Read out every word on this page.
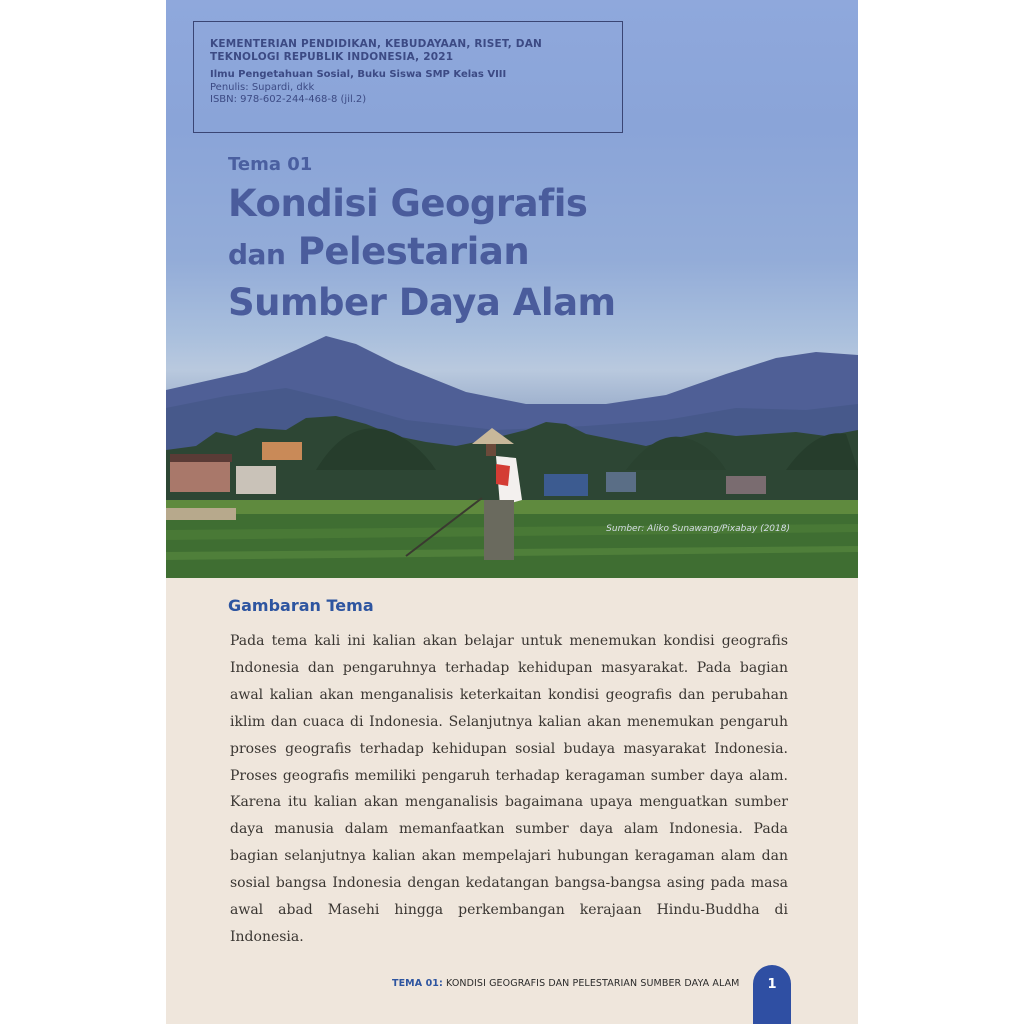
KEMENTERIAN PENDIDIKAN, KEBUDAYAAN, RISET, DAN TEKNOLOGI REPUBLIK INDONESIA, 2021
Ilmu Pengetahuan Sosial, Buku Siswa SMP Kelas VIII
Penulis: Supardi, dkk
ISBN: 978-602-244-468-8 (jil.2)
Tema 01
Kondisi Geografis
dan Pelestarian
Sumber Daya Alam
Sumber: Aliko Sunawang/Pixabay (2018)
Gambaran Tema

Pada tema kali ini kalian akan belajar untuk menemukan kondisi geografis Indonesia dan pengaruhnya terhadap kehidupan masyarakat. Pada bagian awal kalian akan menganalisis keterkaitan kondisi geografis dan perubahan iklim dan cuaca di Indonesia. Selanjutnya kalian akan menemukan pengaruh proses geografis terhadap kehidupan sosial budaya masyarakat Indonesia. Proses geografis memiliki pengaruh terhadap keragaman sumber daya alam. Karena itu kalian akan menganalisis bagaimana upaya menguatkan sumber daya manusia dalam memanfaatkan sumber daya alam Indonesia. Pada bagian selanjutnya kalian akan mempelajari hubungan keragaman alam dan sosial bangsa Indonesia dengan kedatangan bangsa-bangsa asing pada masa awal abad Masehi hingga perkembangan kerajaan Hindu-Buddha di Indonesia.

TEMA 01: KONDISI GEOGRAFIS DAN PELESTARIAN SUMBER DAYA ALAM	1
